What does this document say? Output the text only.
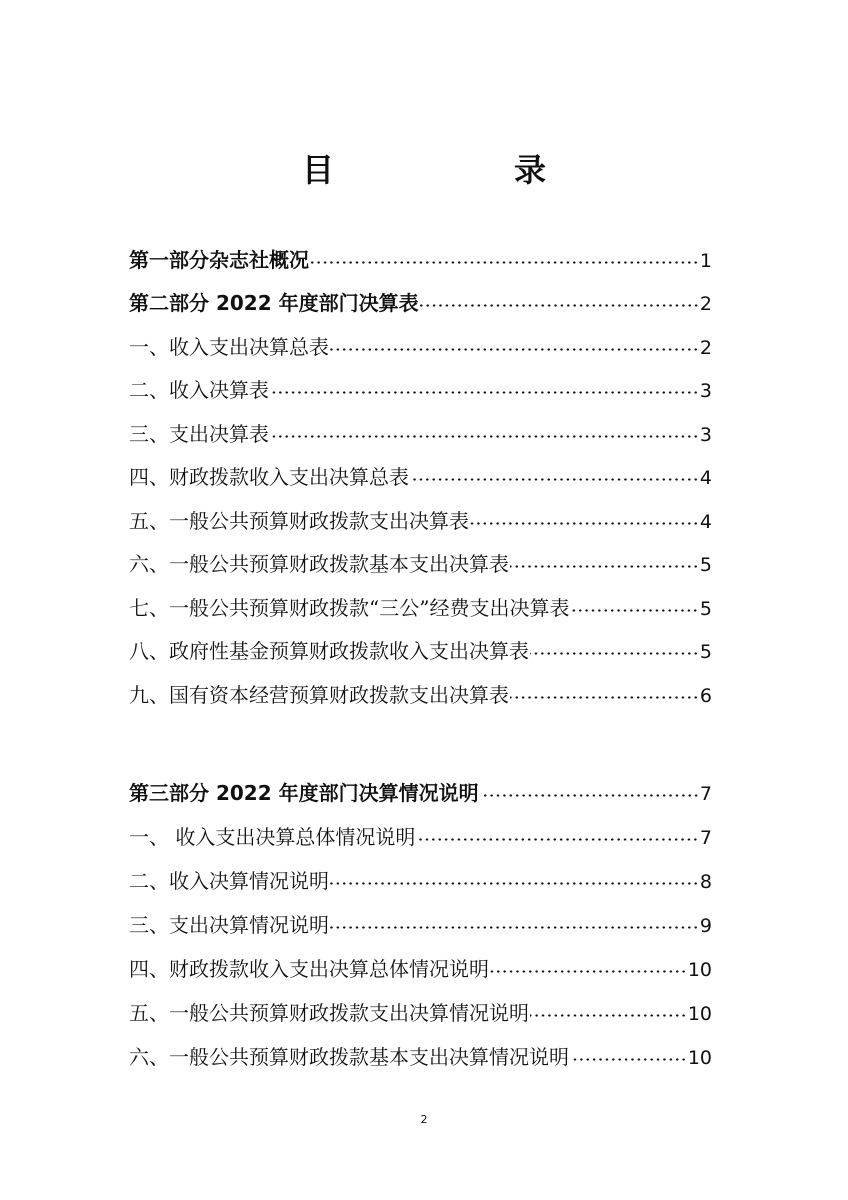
目　录
第一部分杂志社概况	1
第二部分 2022 年度部门决算表	2
一、收入支出决算总表	2
二、收入决算表	3
三、支出决算表	3
四、财政拨款收入支出决算总表	4
五、一般公共预算财政拨款支出决算表	4
六、一般公共预算财政拨款基本支出决算表	5
七、一般公共预算财政拨款“三公”经费支出决算表	5
八、政府性基金预算财政拨款收入支出决算表	5
九、国有资本经营预算财政拨款支出决算表	6
第三部分 2022 年度部门决算情况说明	7
一、 收入支出决算总体情况说明	7
二、收入决算情况说明	8
三、支出决算情况说明	9
四、财政拨款收入支出决算总体情况说明	10
五、一般公共预算财政拨款支出决算情况说明	10
六、一般公共预算财政拨款基本支出决算情况说明	10
2
